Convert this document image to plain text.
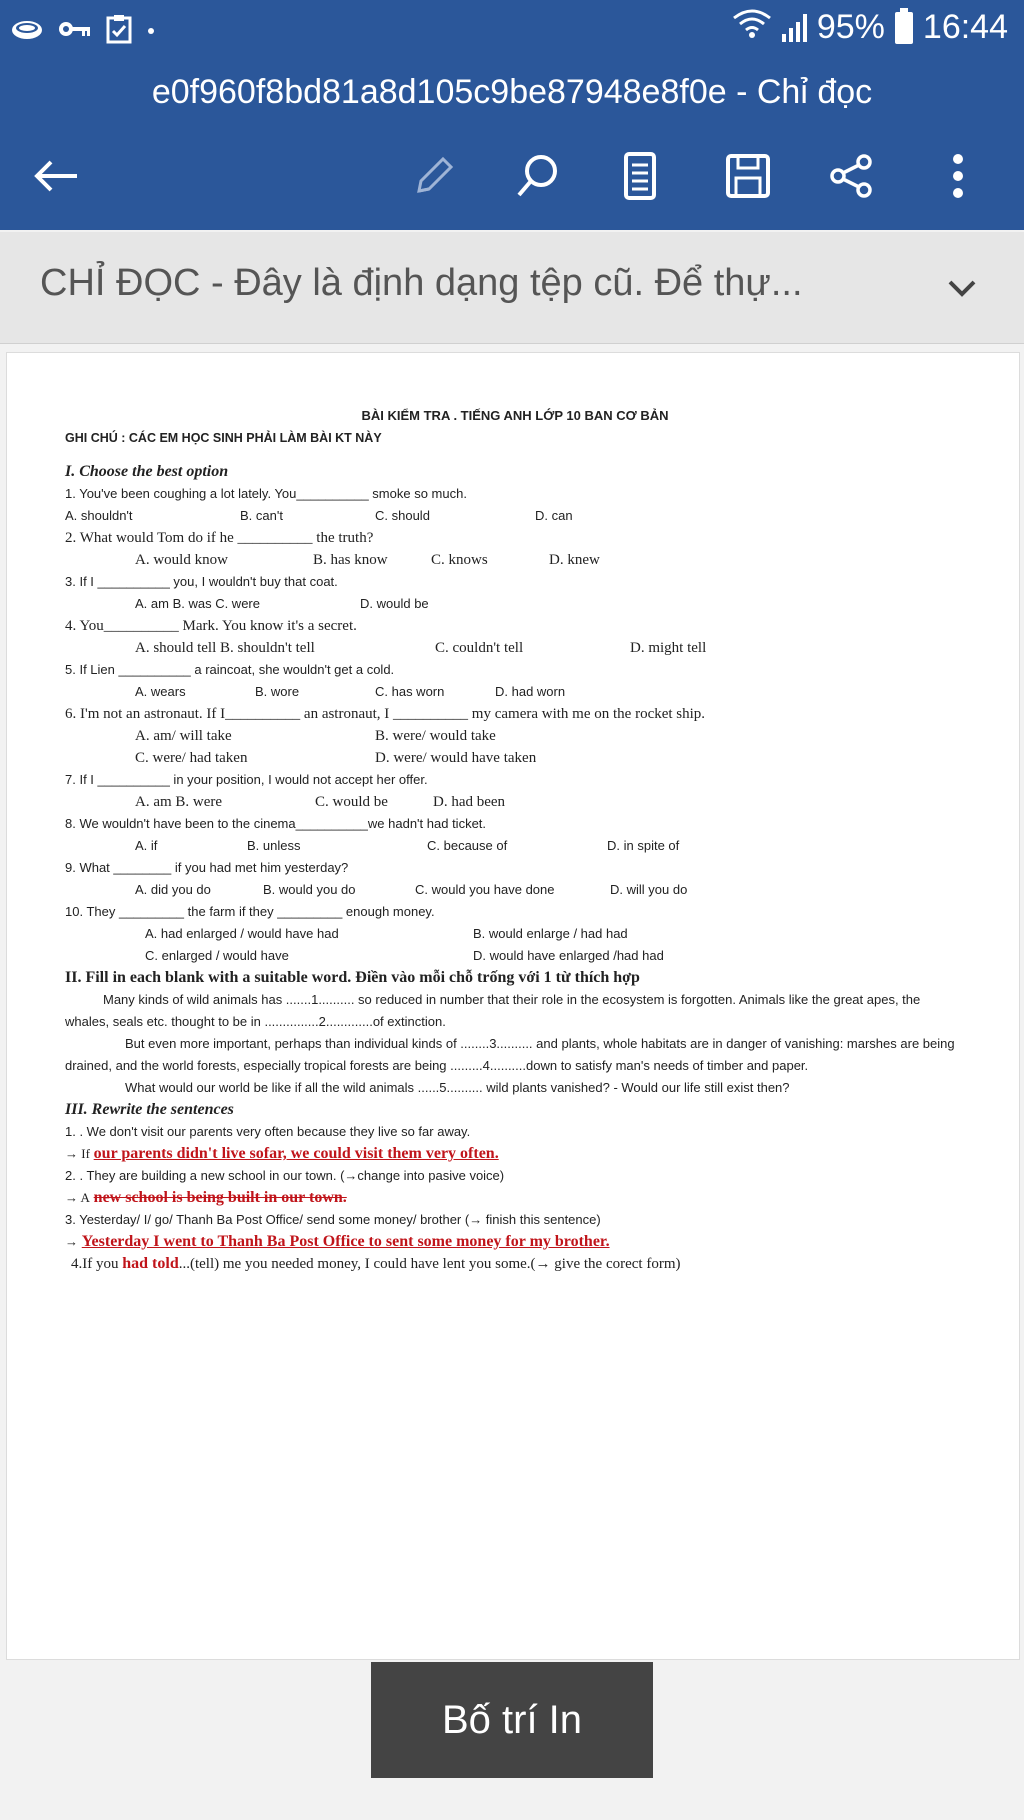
95% 16:44
e0f960f8bd81a8d105c9be87948e8f0e - Chỉ đọc
CHỈ ĐỌC - Đây là định dạng tệp cũ. Để thự...
BÀI KIỂM TRA . TIẾNG ANH LỚP 10 BAN CƠ BẢN
GHI CHÚ : CÁC EM HỌC SINH PHẢI LÀM BÀI KT NÀY
I. Choose the best option
1. You've been coughing a lot lately. You__________ smoke so much.
A. shouldn't	B. can't	C. should	D. can
2. What would Tom do if he __________ the truth?
A. would know	B. has know	C. knows	D. knew
3. If I __________ you, I wouldn't buy that coat.
A. am B. was C. were	D. would be
4. You__________ Mark. You know it's a secret.
A. should tell B. shouldn't tell	C. couldn't tell	D. might tell
5. If Lien __________ a raincoat, she wouldn't get a cold.
A. wears	B. wore	C. has worn	D. had worn
6. I'm not an astronaut. If I__________ an astronaut, I __________ my camera with me on the rocket ship.
A. am/ will take	B. were/ would take
C. were/ had taken	D. were/ would have taken
7. If I __________ in your position, I would not accept her offer.
A. am B. were	C. would be	D. had been
8. We wouldn't have been to the cinema__________we hadn't had ticket.
A. if	B. unless	C. because of	D. in spite of
9. What ________ if you had met him yesterday?
A. did you do	B. would you do	C. would you have done	D. will you do
10. They _________ the farm if they _________ enough money.
A. had enlarged / would have had	B. would enlarge / had had
C. enlarged / would have	D. would have enlarged /had had
II. Fill in each blank with a suitable word. Điền vào mỗi chỗ trống với 1 từ thích hợp
Many kinds of wild animals has .......1.......... so reduced in number that their role in the ecosystem is forgotten. Animals like the great apes, the whales, seals etc. thought to be in ...............2.............of extinction.
But even more important, perhaps than individual kinds of ........3.......... and plants, whole habitats are in danger of vanishing: marshes are being drained, and the world forests, especially tropical forests are being .........4..........down to satisfy man's needs of timber and paper.
What would our world be like if all the wild animals ......5.......... wild plants vanished? - Would our life still exist then?
III. Rewrite the sentences
1. . We don't visit our parents very often because they live so far away.
→ If our parents didn't live sofar, we could visit them very often.
2. . They are building a new school in our town. (→change into pasive voice)
→ A new school is being built in our town.
3. Yesterday/ I/ go/ Thanh Ba Post Office/ send some money/ brother (→ finish this sentence)
→ Yesterday I went to Thanh Ba Post Office to sent some money for my brother.
4.If you had told...(tell) me you needed money, I could have lent you some.(→ give the corect form)
Bố trí In
